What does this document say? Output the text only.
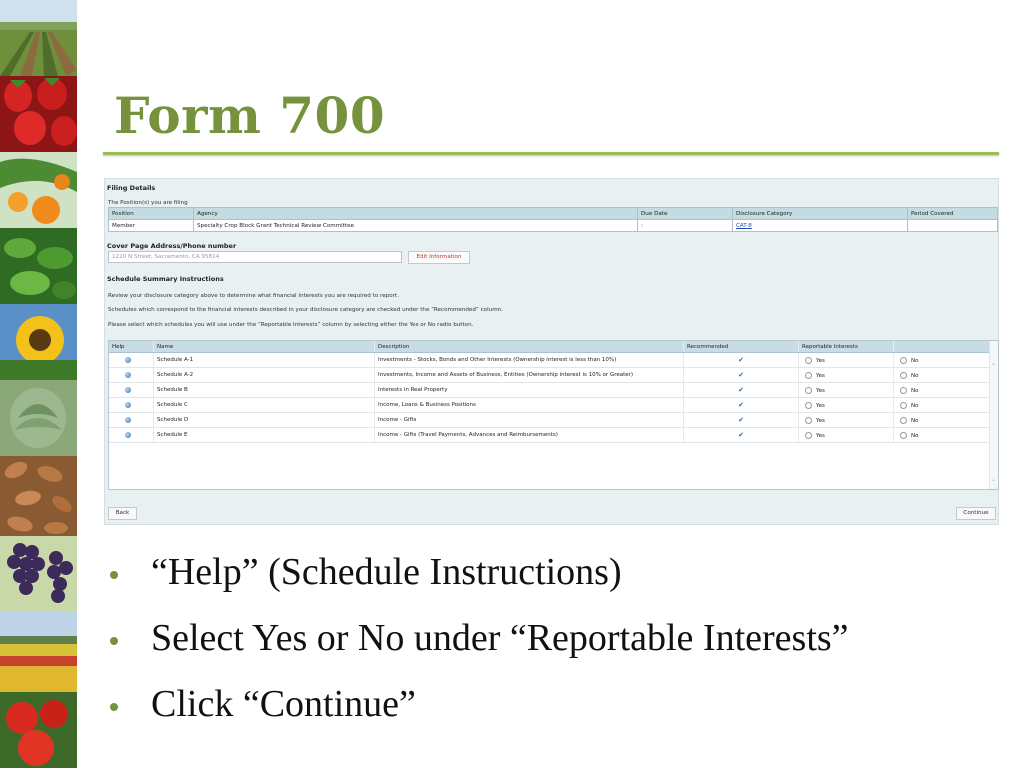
Form 700
Filing Details
The Position(s) you are filing
Position	Agency	Due Date	Disclosure Category	Period Covered
Member	Specialty Crop Block Grant Technical Review Committee	:	CAT-8	
Cover Page Address/Phone number
1220 N Street, Sacramento, CA 95814	Edit Information
Schedule Summary Instructions
Review your disclosure category above to determine what financial interests you are required to report.
Schedules which correspond to the financial interests described in your disclosure category are checked under the “Recommended” column.
Please select which schedules you will use under the “Reportable Interests” column by selecting either the Yes or No radio button.
Help	Name	Description	Recommended	Reportable Interests	
	Schedule A-1	Investments - Stocks, Bonds and Other Interests (Ownership interest is less than 10%)	✔	Yes	No
	Schedule A-2	Investments, Income and Assets of Business, Entities (Ownership interest is 10% or Greater)	✔	Yes	No
	Schedule B	Interests in Real Property	✔	Yes	No
	Schedule C	Income, Loans & Business Positions	✔	Yes	No
	Schedule D	Income - Gifts	✔	Yes	No
	Schedule E	Income - Gifts (Travel Payments, Advances and Reimbursements)	✔	Yes	No
⌃
⌄
Back	Continue
“Help” (Schedule Instructions)
Select Yes or No under “Reportable Interests”
Click “Continue”
